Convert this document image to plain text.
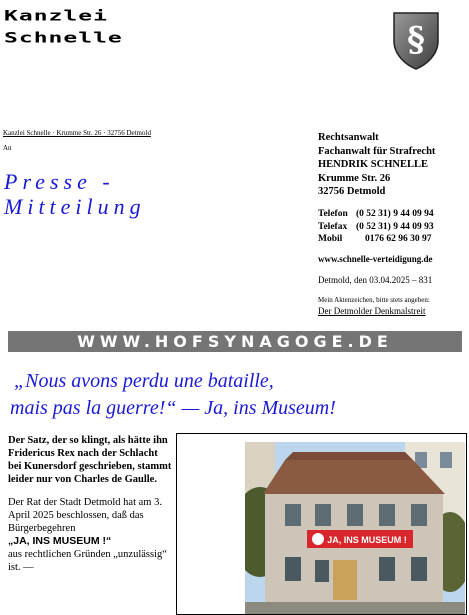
Kanzlei
Schnelle	§
Kanzlei Schnelle · Krumme Str. 26 · 32756 Detmold
An
Presse -
Mitteilung
Rechtsanwalt
Fachanwalt für Strafrecht
HENDRIK SCHNELLE
Krumme Str. 26
32756 Detmold
Telefon (0 52 31) 9 44 09 94
Telefax (0 52 31) 9 44 09 93
Mobil 0176 62 96 30 97
www.schnelle-verteidigung.de
Detmold, den 03.04.2025 – 831
Mein Aktenzeichen, bitte stets angeben:
Der Detmolder Denkmalstreit
WWW.HOFSYNAGOGE.DE
„Nous avons perdu une bataille,
mais pas la guerre!“ — Ja, ins Museum!

Der Satz, der so klingt, als hätte ihn Fridericus Rex nach der Schlacht bei Kunersdorf geschrieben, stammt leider nur von Charles de Gaulle.

Der Rat der Stadt Detmold hat am 3. April 2025 beschlossen, daß das Bürgerbegehren
„JA, INS MUSEUM !“
aus rechtlichen Gründen „unzulässig“ ist. —

JA, INS MUSEUM !
